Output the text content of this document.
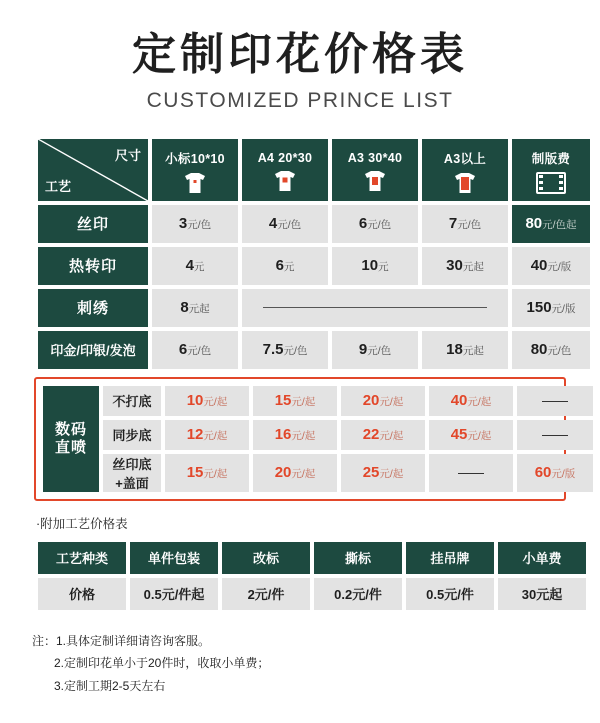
定制印花价格表
CUSTOMIZED PRINCE LIST
尺寸
工艺	小标10*10	A4 20*30	A3 30*40	A3以上	制版费

丝印	3元/色	4元/色	6元/色	7元/色	80元/色起
热转印	4元	6元	10元	30元起	40元/版
刺绣	8元起				150元/版
印金/印银/发泡	6元/色	7.5元/色	9元/色	18元起	80元/色
数码
直喷	不打底	10元/起	15元/起	20元/起	40元/起	
	同步底	12元/起	16元/起	22元/起	45元/起	
	丝印底+盖面	15元/起	20元/起	25元/起		60元/版
·附加工艺价格表
工艺种类	单件包装	改标	撕标	挂吊牌	小单费
价格	0.5元/件起	2元/件	0.2元/件	0.5元/件	30元起
注：1.具体定制详细请咨询客服。
2.定制印花单小于20件时，收取小单费；
3.定制工期2-5天左右
